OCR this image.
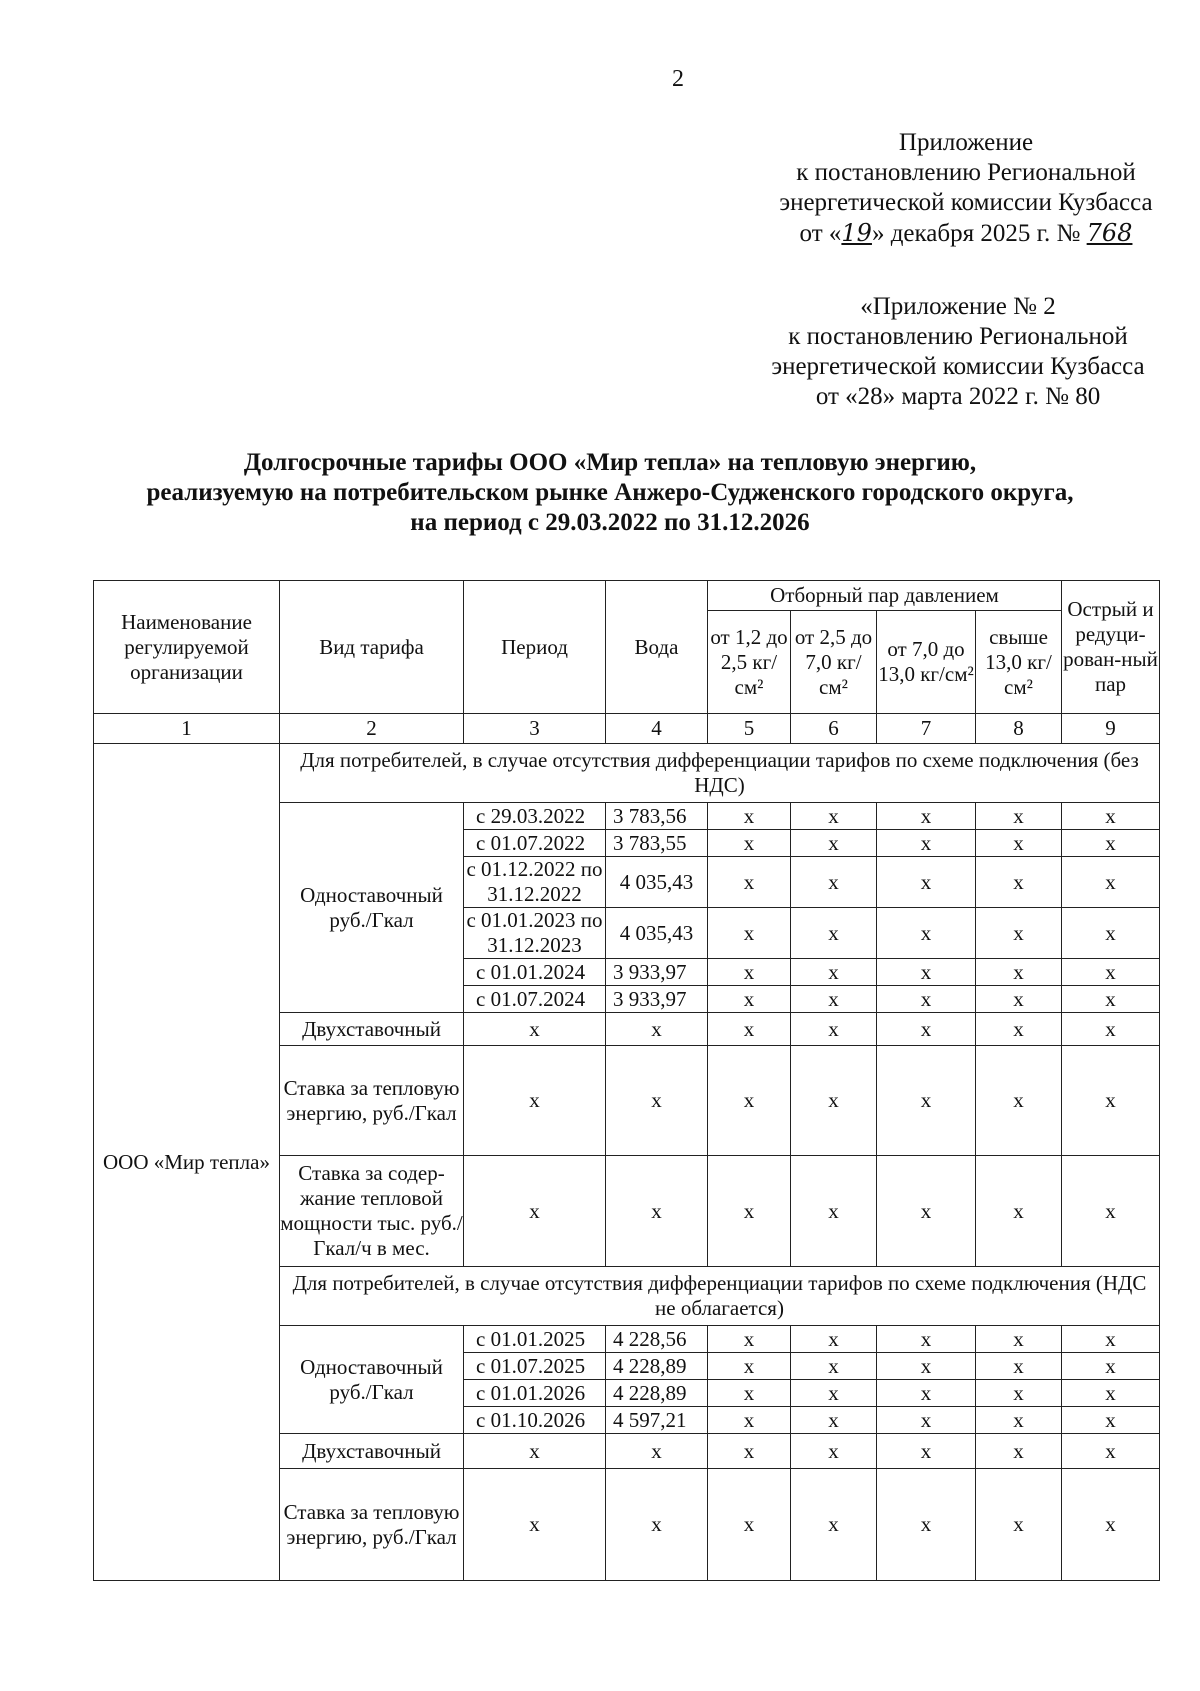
2
Приложение
к постановлению Региональной
энергетической комиссии Кузбасса
от «19» декабря 2025 г. № 768
«Приложение № 2
к постановлению Региональной
энергетической комиссии Кузбасса
от «28» марта 2022 г. № 80
Долгосрочные тарифы ООО «Мир тепла» на тепловую энергию,
реализуемую на потребительском рынке Анжеро-Судженского городского округа,
на период с 29.03.2022 по 31.12.2026
Наименование регулируемой организации	Вид тарифа	Период	Вода	Отборный пар давлением				Острый и редуци-рован-ный пар
				от 1,2 до 2,5 кг/см²	от 2,5 до 7,0 кг/см²	от 7,0 до 13,0 кг/см²	свыше 13,0 кг/см²	
1	2	3	4	5	6	7	8	9
ООО «Мир тепла»	Для потребителей, в случае отсутствия дифференциации тарифов по схеме подключения (без НДС)							
	Одноставочный руб./Гкал	с 29.03.2022	3 783,56	х	х	х	х	х
		с 01.07.2022	3 783,55	х	х	х	х	х
		с 01.12.2022 по 31.12.2022	4 035,43	х	х	х	х	х
		с 01.01.2023 по 31.12.2023	4 035,43	х	х	х	х	х
		с 01.01.2024	3 933,97	х	х	х	х	х
		с 01.07.2024	3 933,97	х	х	х	х	х
	Двухставочный	х	х	х	х	х	х	х
	Ставка за тепловую энергию, руб./Гкал	х	х	х	х	х	х	х
	Ставка за содер-жание тепловой мощности тыс. руб./Гкал/ч в мес.	х	х	х	х	х	х	х
	Для потребителей, в случае отсутствия дифференциации тарифов по схеме подключения (НДС не облагается)							
	Одноставочный руб./Гкал	с 01.01.2025	4 228,56	х	х	х	х	х
		с 01.07.2025	4 228,89	х	х	х	х	х
		с 01.01.2026	4 228,89	х	х	х	х	х
		с 01.10.2026	4 597,21	х	х	х	х	х
	Двухставочный	х	х	х	х	х	х	х
	Ставка за тепловую энергию, руб./Гкал	х	х	х	х	х	х	х
